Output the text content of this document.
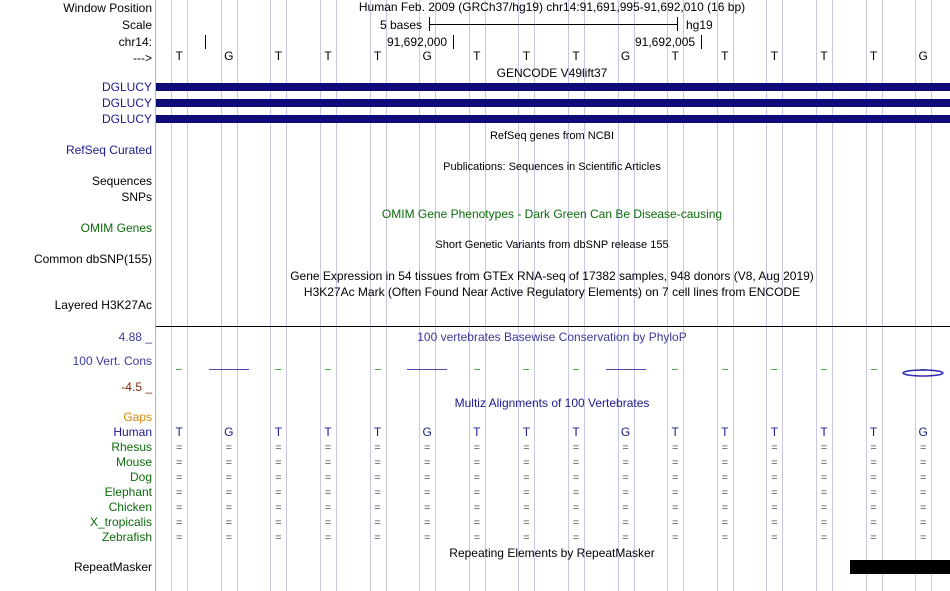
Window Position
Scale
chr14:
--->
Human Feb. 2009 (GRCh37/hg19) chr14:91,691,995-91,692,010 (16 bp)
5 bases	hg19
91,692,000	91,692,005
T	G	T	T	T	G	T	T	T	G	T	T	T	T	T	G
GENCODE V49lift37
DGLUCY
DGLUCY
DGLUCY
RefSeq genes from NCBI
RefSeq Curated
Publications: Sequences in Scientific Articles
Sequences
SNPs
OMIM Gene Phenotypes - Dark Green Can Be Disease-causing
OMIM Genes
Short Genetic Variants from dbSNP release 155
Common dbSNP(155)
Gene Expression in 54 tissues from GTEx RNA-seq of 17382 samples, 948 donors (V8, Aug 2019)
H3K27Ac Mark (Often Found Near Active Regulatory Elements) on 7 cell lines from ENCODE
Layered H3K27Ac
4.88 _	100 vertebrates Basewise Conservation by PhyloP
100 Vert. Cons
-4.5 _
Gaps
Multiz Alignments of 100 Vertebrates
Human	T	G	T	T	T	G	T	T	T	G	T	T	T	T	T	G
Rhesus	=	=	=	=	=	=	=	=	=	=	=	=	=	=	=	=
Mouse	=	=	=	=	=	=	=	=	=	=	=	=	=	=	=	=
Dog	=	=	=	=	=	=	=	=	=	=	=	=	=	=	=	=
Elephant	=	=	=	=	=	=	=	=	=	=	=	=	=	=	=	=
Chicken	=	=	=	=	=	=	=	=	=	=	=	=	=	=	=	=
X_tropicalis	=	=	=	=	=	=	=	=	=	=	=	=	=	=	=	=
Zebrafish	=	=	=	=	=	=	=	=	=	=	=	=	=	=	=	=
Repeating Elements by RepeatMasker
RepeatMasker
